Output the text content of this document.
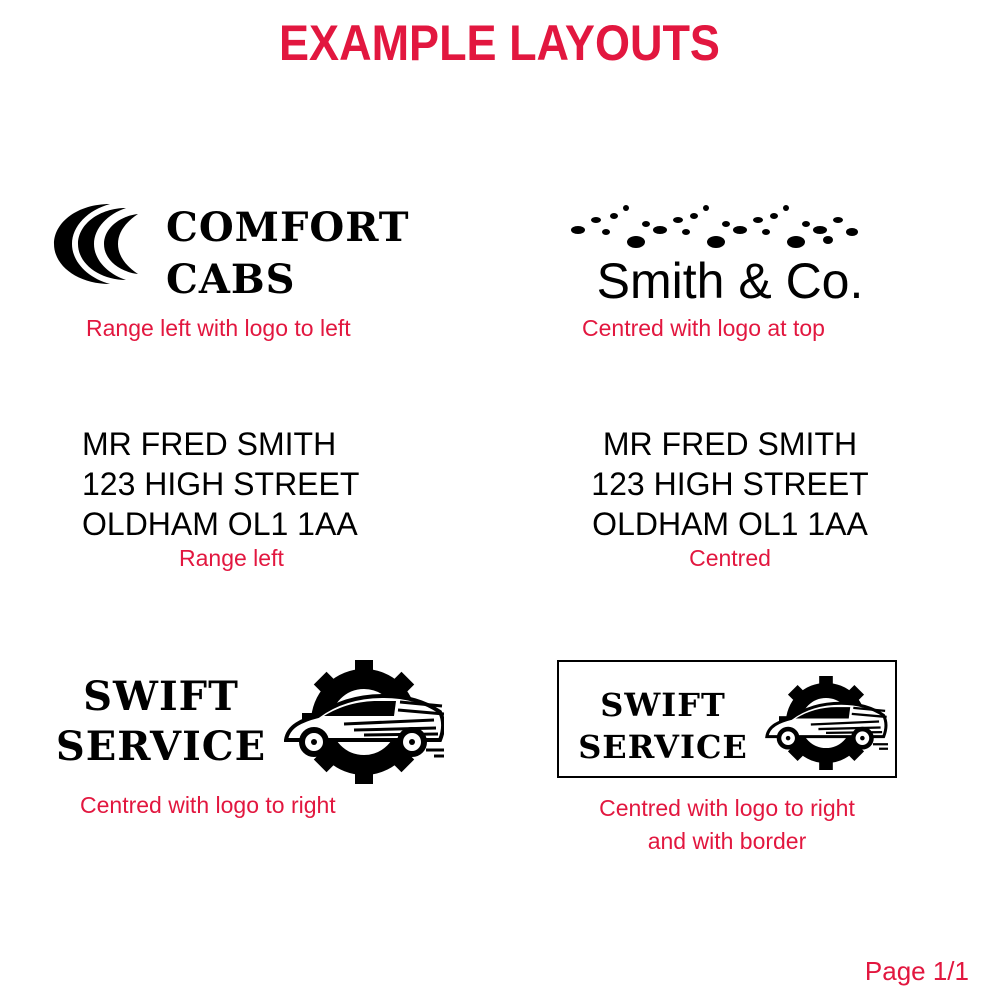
EXAMPLE LAYOUTS
COMFORT
CABS
Range left with logo to left
Smith & Co.
Centred with logo at top
MR FRED SMITH
123 HIGH STREET
OLDHAM OL1 1AA
Range left
MR FRED SMITH
123 HIGH STREET
OLDHAM OL1 1AA
Centred
SWIFT
SERVICE
Centred with logo to right
SWIFT
SERVICE
Centred with logo to right
and with border
Page 1/1
